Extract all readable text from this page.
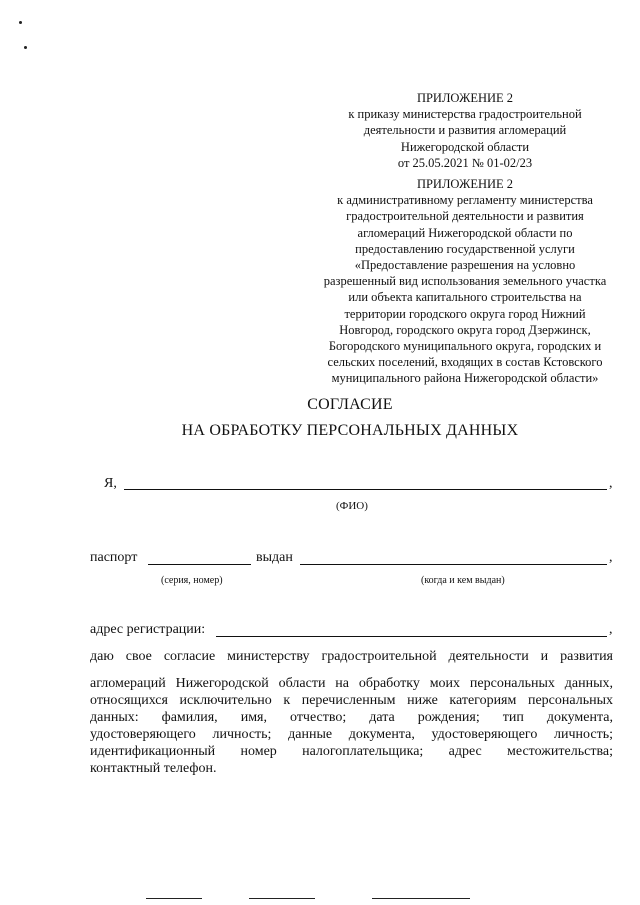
ПРИЛОЖЕНИЕ 2
к приказу министерства градостроительной
деятельности и развития агломераций
Нижегородской области
от 25.05.2021 № 01-02/23
ПРИЛОЖЕНИЕ 2
к административному регламенту министерства
градостроительной деятельности и развития
агломераций Нижегородской области по
предоставлению государственной услуги
«Предоставление разрешения на условно
разрешенный вид использования земельного участка
или объекта капитального строительства на
территории городского округа город Нижний
Новгород, городского округа город Дзержинск,
Богородского муниципального округа, городских и
сельских поселений, входящих в состав Кстовского
муниципального района Нижегородской области»
СОГЛАСИЕ
НА ОБРАБОТКУ ПЕРСОНАЛЬНЫХ ДАННЫХ
Я,	,
(ФИО)
паспорт	выдан	,
(серия, номер)	(когда и кем выдан)
адрес регистрации:	,
даю свое согласие министерству градостроительной деятельности и развития
агломераций Нижегородской области на обработку моих персональных данных,
относящихся исключительно к перечисленным ниже категориям персональных
данных: фамилия, имя, отчество; дата рождения; тип документа,
удостоверяющего личность; данные документа, удостоверяющего личность;
идентификационный номер налогоплательщика; адрес местожительства;
контактный телефон.
